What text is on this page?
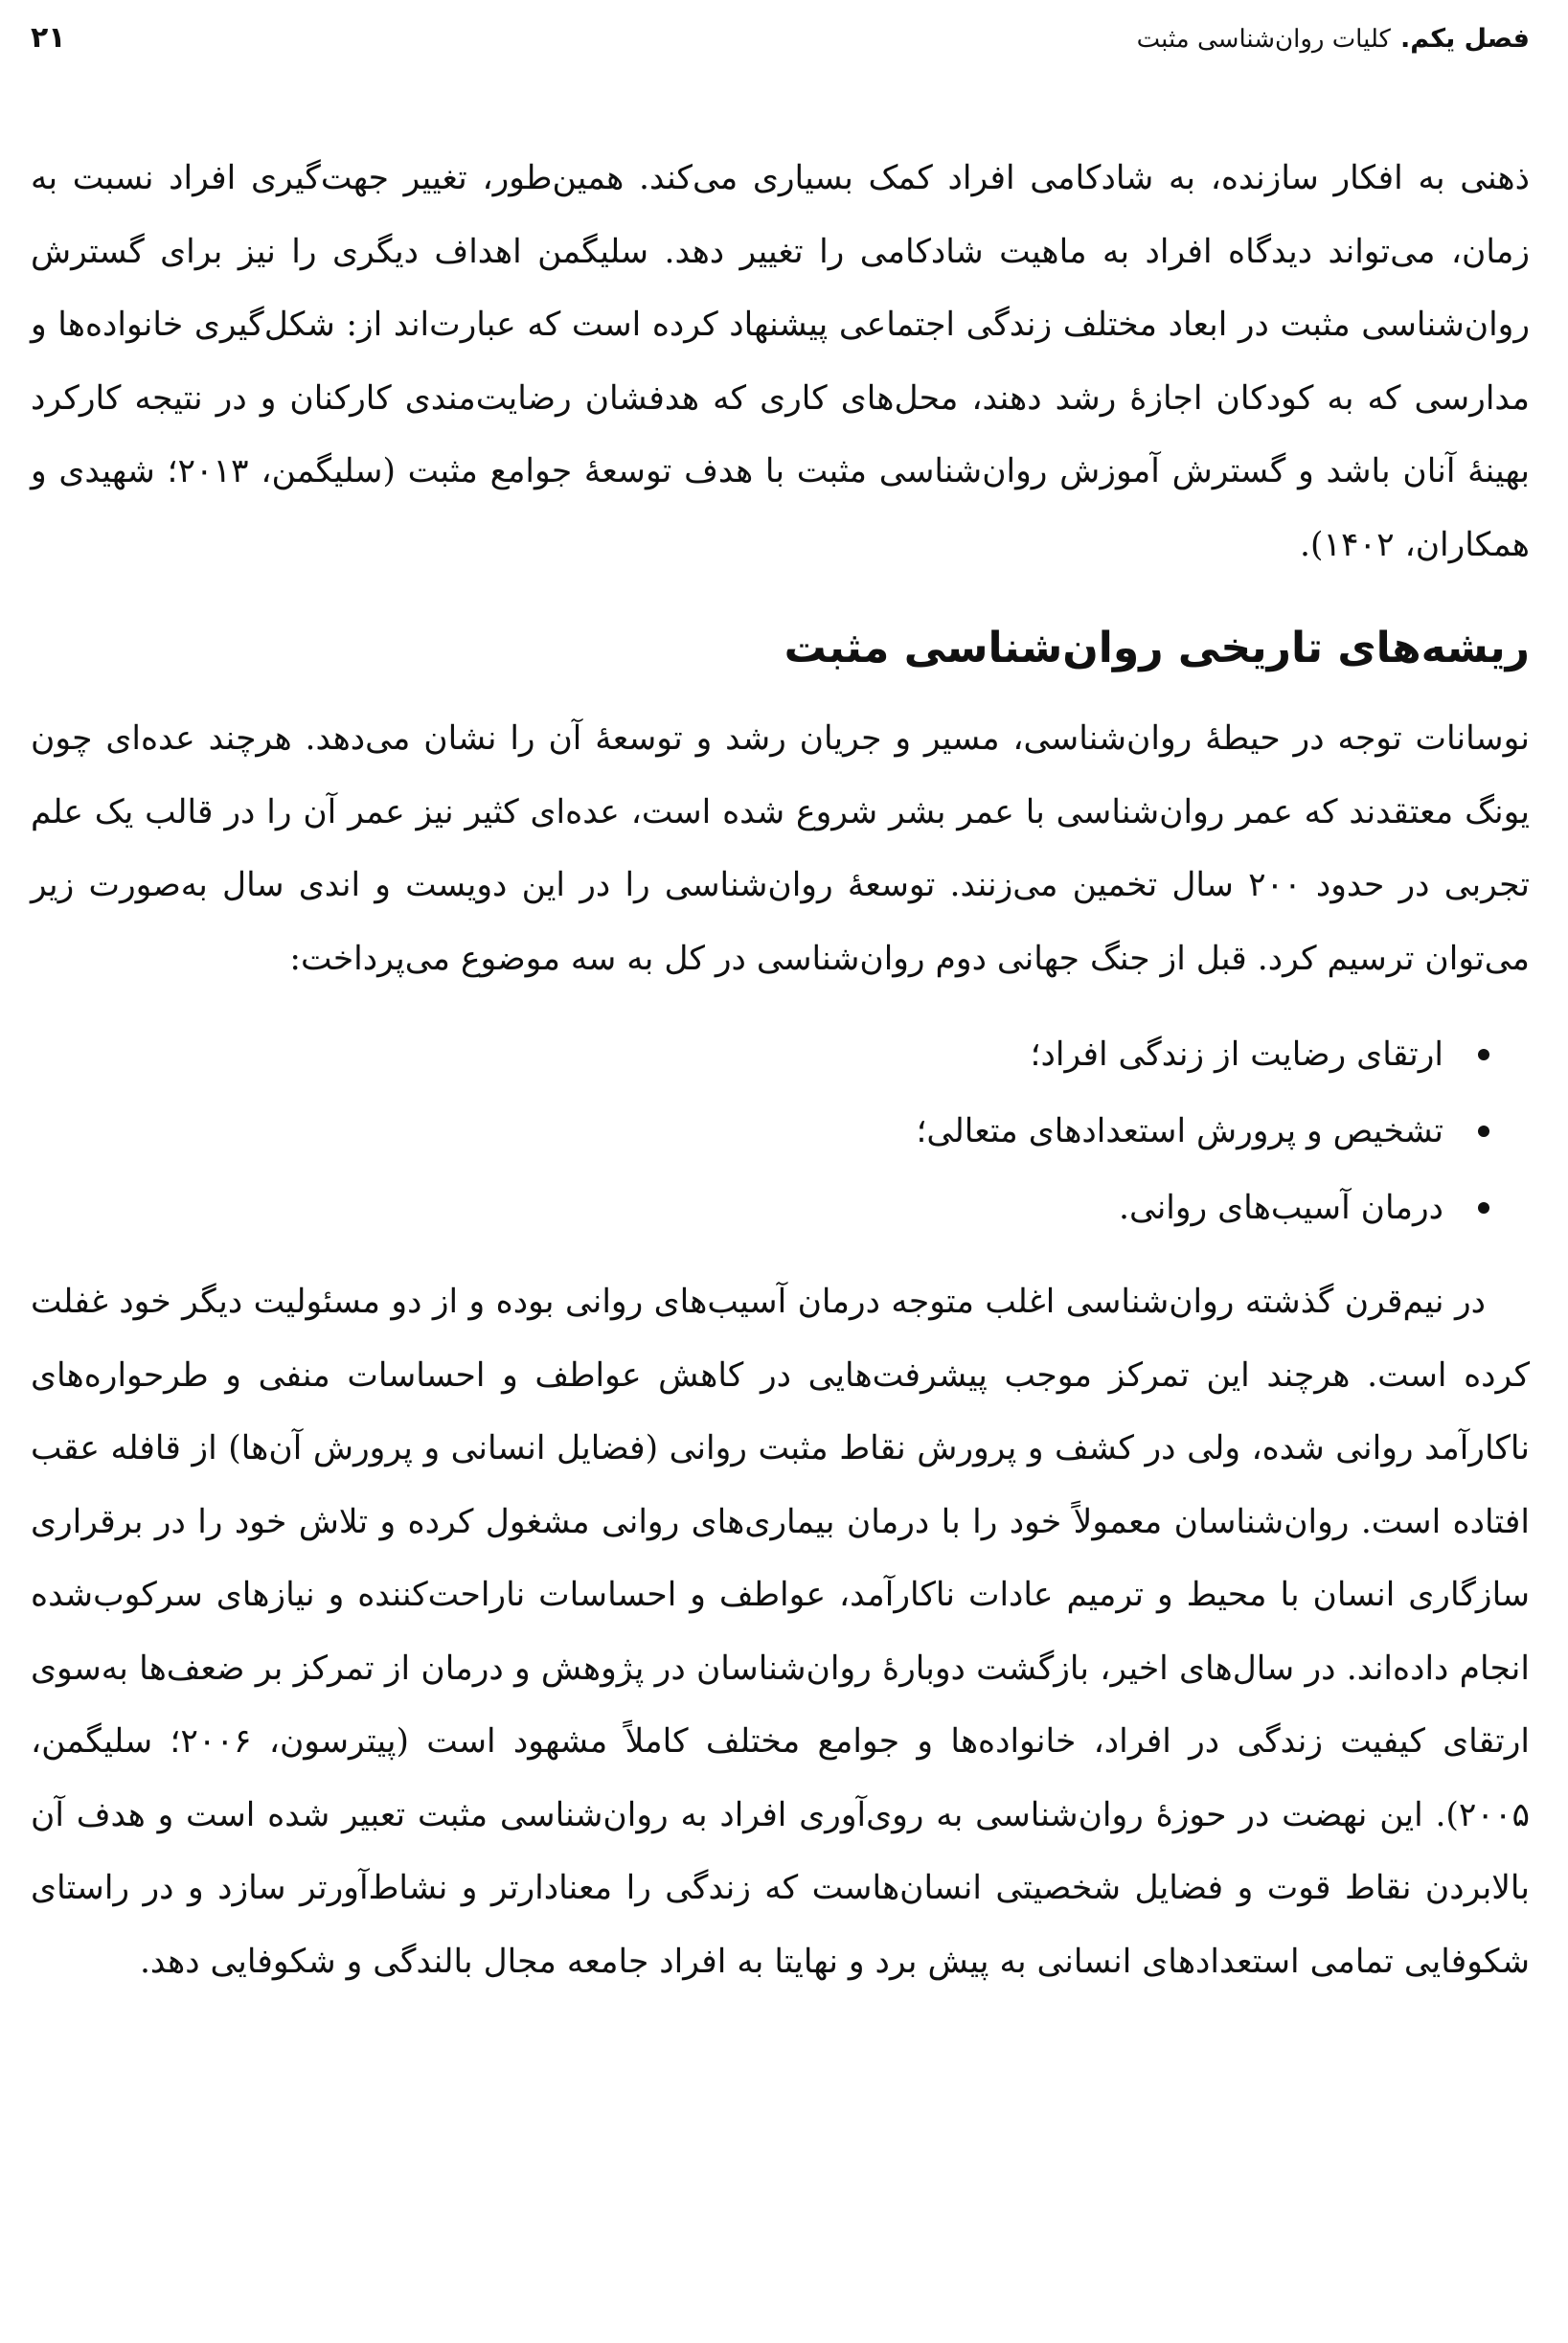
فصل یکم.
کلیات روان‌شناسی مثبت
۲۱

ذهنی به افکار سازنده، به شادکامی افراد کمک بسیاری می‌کند. همین‌طور، تغییر جهت‌گیری افراد نسبت به زمان، می‌تواند دیدگاه افراد به ماهیت شادکامی را تغییر دهد. سلیگمن اهداف دیگری را نیز برای گسترش روان‌شناسی مثبت در ابعاد مختلف زندگی اجتماعی پیشنهاد کرده است که عبارت‌اند از: شکل‌گیری خانواده‌ها و مدارسی که به کودکان اجازهٔ رشد دهند، محل‌های کاری که هدفشان رضایت‌مندی کارکنان و در نتیجه کارکرد بهینهٔ آنان باشد و گسترش آموزش روان‌شناسی مثبت با هدف توسعهٔ جوامع مثبت (سلیگمن، ۲۰۱۳؛ شهیدی و همکاران، ۱۴۰۲).

ریشه‌های تاریخی روان‌شناسی مثبت

نوسانات توجه در حیطهٔ روان‌شناسی، مسیر و جریان رشد و توسعهٔ آن را نشان می‌دهد. هرچند عده‌ای چون یونگ معتقدند که عمر روان‌شناسی با عمر بشر شروع شده است، عده‌ای کثیر نیز عمر آن را در قالب یک علم تجربی در حدود ۲۰۰ سال تخمین می‌زنند. توسعهٔ روان‌شناسی را در این دویست و اندی سال به‌صورت زیر می‌توان ترسیم کرد. قبل از جنگ جهانی دوم روان‌شناسی در کل به سه موضوع می‌پرداخت:

ارتقای رضایت از زندگی افراد؛
تشخیص و پرورش استعدادهای متعالی؛
درمان آسیب‌های روانی.

در نیم‌قرن گذشته روان‌شناسی اغلب متوجه درمان آسیب‌های روانی بوده و از دو مسئولیت دیگر خود غفلت کرده است. هرچند این تمرکز موجب پیشرفت‌هایی در کاهش عواطف و احساسات منفی و طرحواره‌های ناکارآمد روانی شده، ولی در کشف و پرورش نقاط مثبت روانی (فضایل انسانی و پرورش آن‌ها) از قافله عقب افتاده است. روان‌شناسان معمولاً خود را با درمان بیماری‌های روانی مشغول کرده و تلاش خود را در برقراری سازگاری انسان با محیط و ترمیم عادات ناکارآمد، عواطف و احساسات ناراحت‌کننده و نیازهای سرکوب‌شده انجام داده‌اند. در سال‌های اخیر، بازگشت دوبارهٔ روان‌شناسان در پژوهش و درمان از تمرکز بر ضعف‌ها به‌سوی ارتقای کیفیت زندگی در افراد، خانواده‌ها و جوامع مختلف کاملاً مشهود است (پیترسون، ۲۰۰۶؛ سلیگمن، ۲۰۰۵). این نهضت در حوزهٔ روان‌شناسی به روی‌آوری افراد به روان‌شناسی مثبت تعبیر شده است و هدف آن بالابردن نقاط قوت و فضایل شخصیتی انسان‌هاست که زندگی را معنادارتر و نشاط‌آورتر سازد و در راستای شکوفایی تمامی استعدادهای انسانی به پیش برد و نهایتا به افراد جامعه مجال بالندگی و شکوفایی دهد.
